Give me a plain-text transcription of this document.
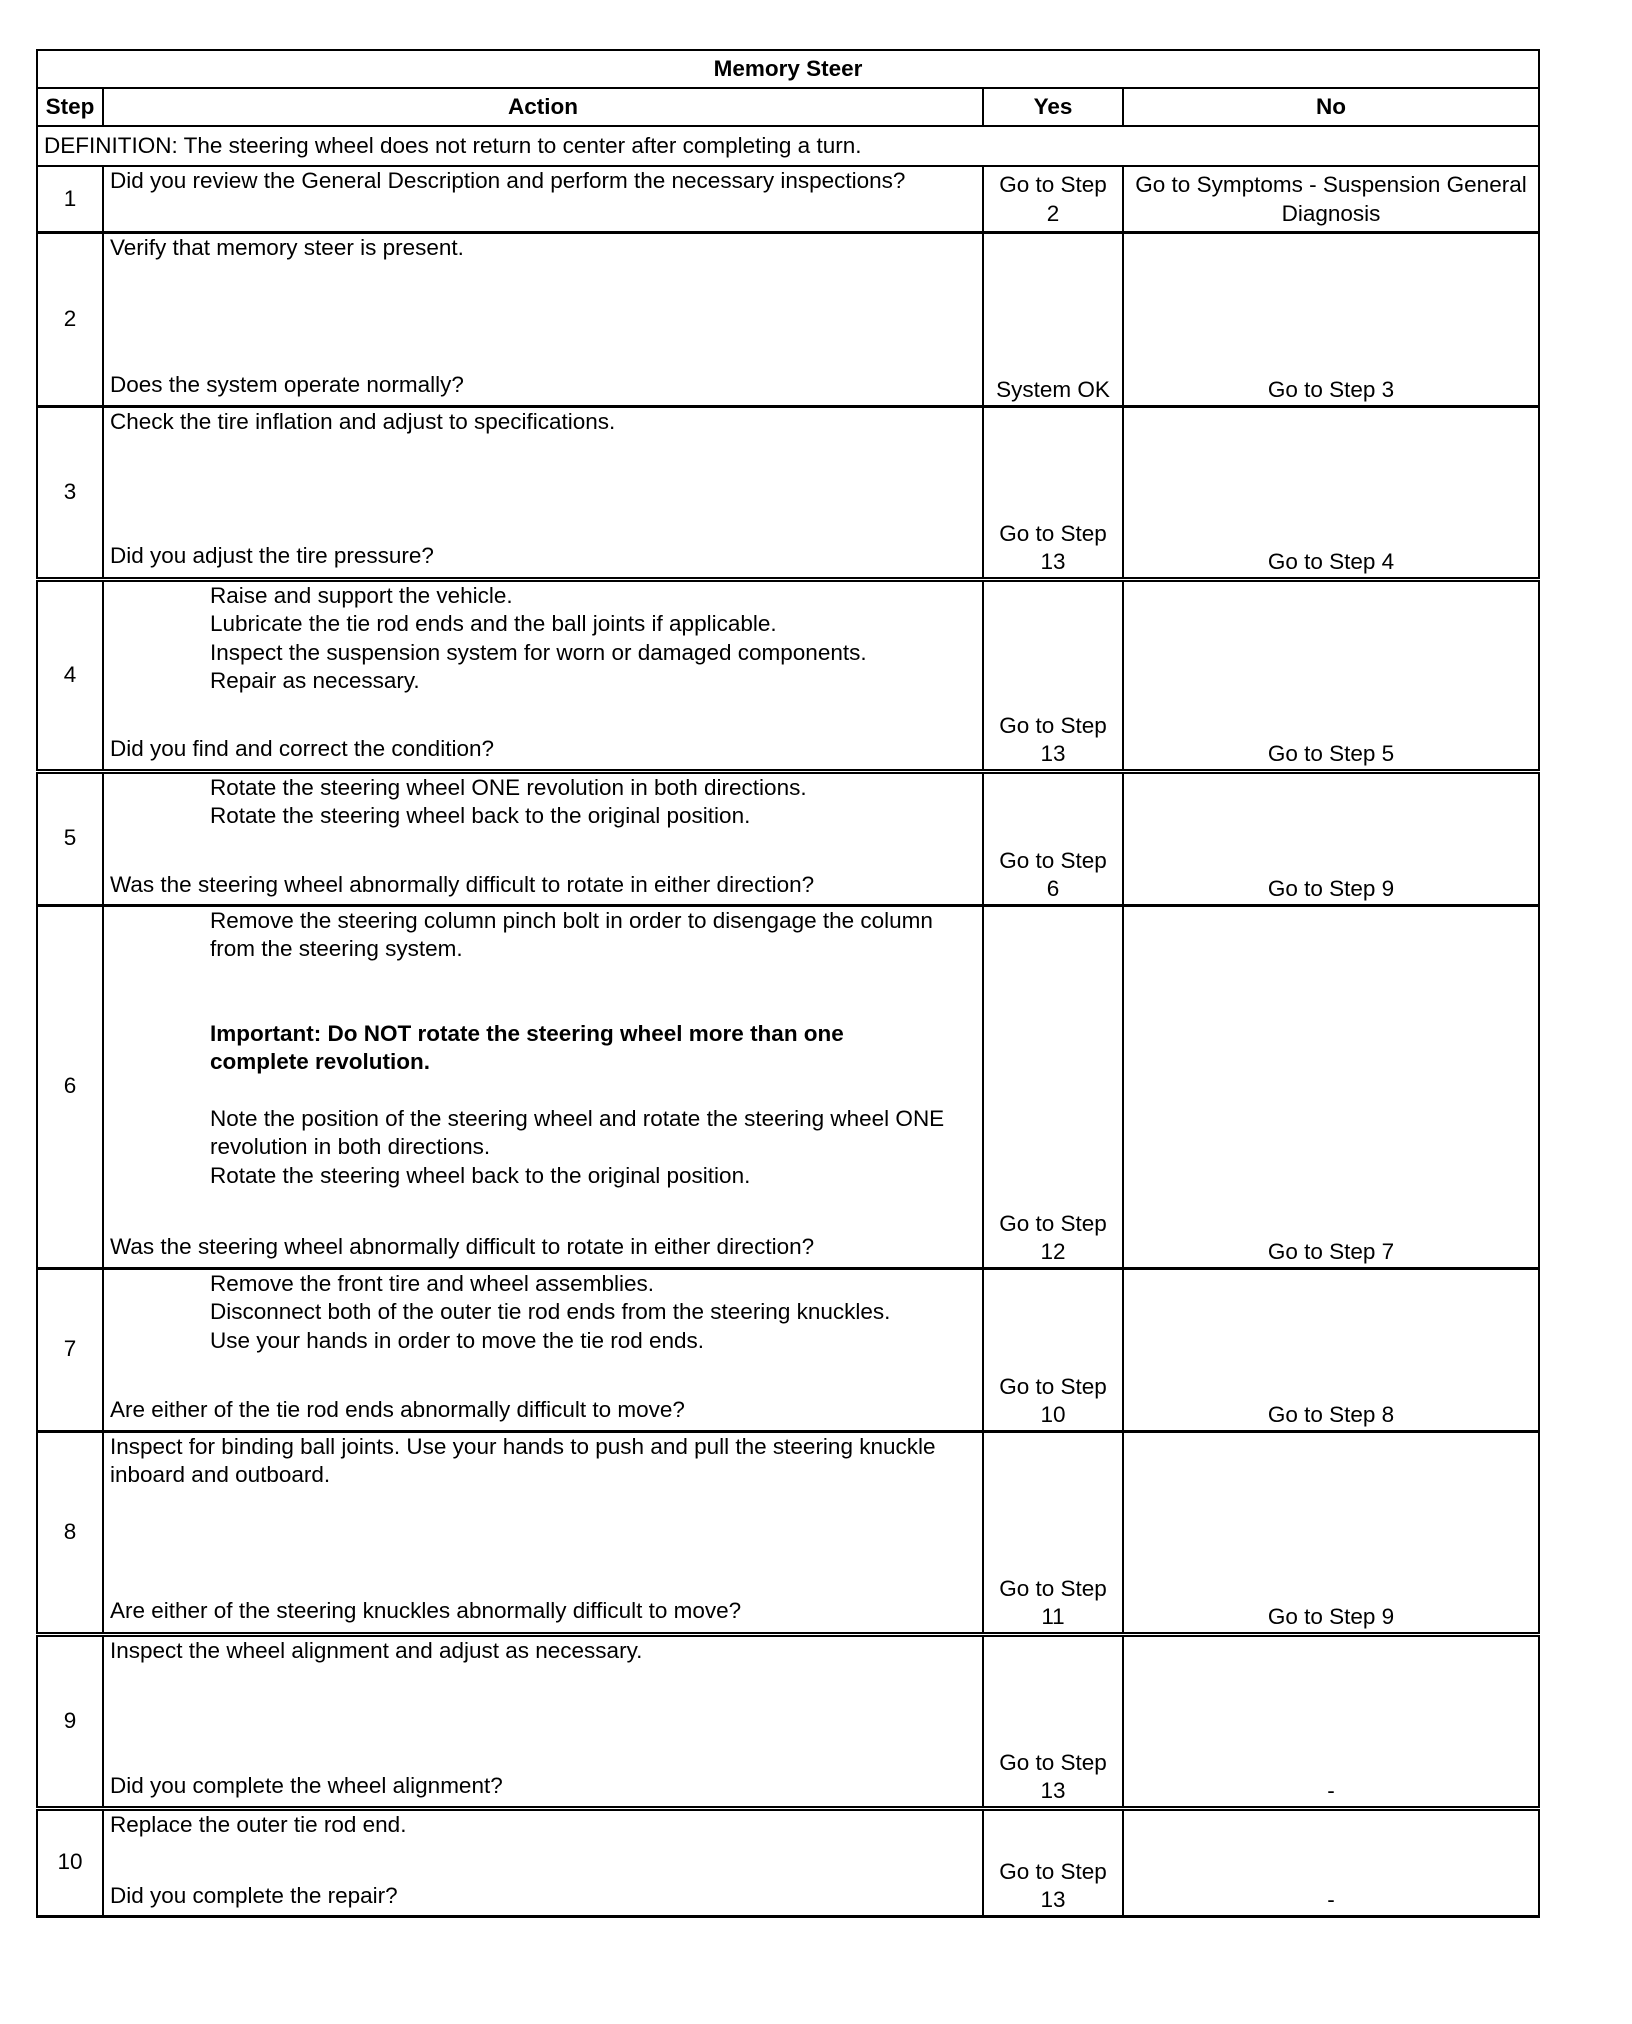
Memory Steer			
Step	Action	Yes	No
DEFINITION: The steering wheel does not return to center after completing a turn.			
1	Did you review the General Description and perform the necessary inspections?	Go to Step 2	Go to Symptoms - Suspension General Diagnosis
2	Verify that memory steer is present.
Does the system operate normally?	System OK	Go to Step 3
3	Check the tire inflation and adjust to specifications.
Did you adjust the tire pressure?	Go to Step 13	Go to Step 4
4	Raise and support the vehicle.
Lubricate the tie rod ends and the ball joints if applicable.
Inspect the suspension system for worn or damaged components.
Repair as necessary.
Did you find and correct the condition?	Go to Step 13	Go to Step 5
5	Rotate the steering wheel ONE revolution in both directions.
Rotate the steering wheel back to the original position.
Was the steering wheel abnormally difficult to rotate in either direction?	Go to Step 6	Go to Step 9
6	Remove the steering column pinch bolt in order to disengage the column from the steering system.
Important: Do NOT rotate the steering wheel more than one complete revolution.
Note the position of the steering wheel and rotate the steering wheel ONE revolution in both directions.
Rotate the steering wheel back to the original position.
Was the steering wheel abnormally difficult to rotate in either direction?	Go to Step 12	Go to Step 7
7	Remove the front tire and wheel assemblies.
Disconnect both of the outer tie rod ends from the steering knuckles.
Use your hands in order to move the tie rod ends.
Are either of the tie rod ends abnormally difficult to move?	Go to Step 10	Go to Step 8
8	Inspect for binding ball joints. Use your hands to push and pull the steering knuckle inboard and outboard.
Are either of the steering knuckles abnormally difficult to move?	Go to Step 11	Go to Step 9
9	Inspect the wheel alignment and adjust as necessary.
Did you complete the wheel alignment?	Go to Step 13	-
10	Replace the outer tie rod end.
Did you complete the repair?	Go to Step 13	-
